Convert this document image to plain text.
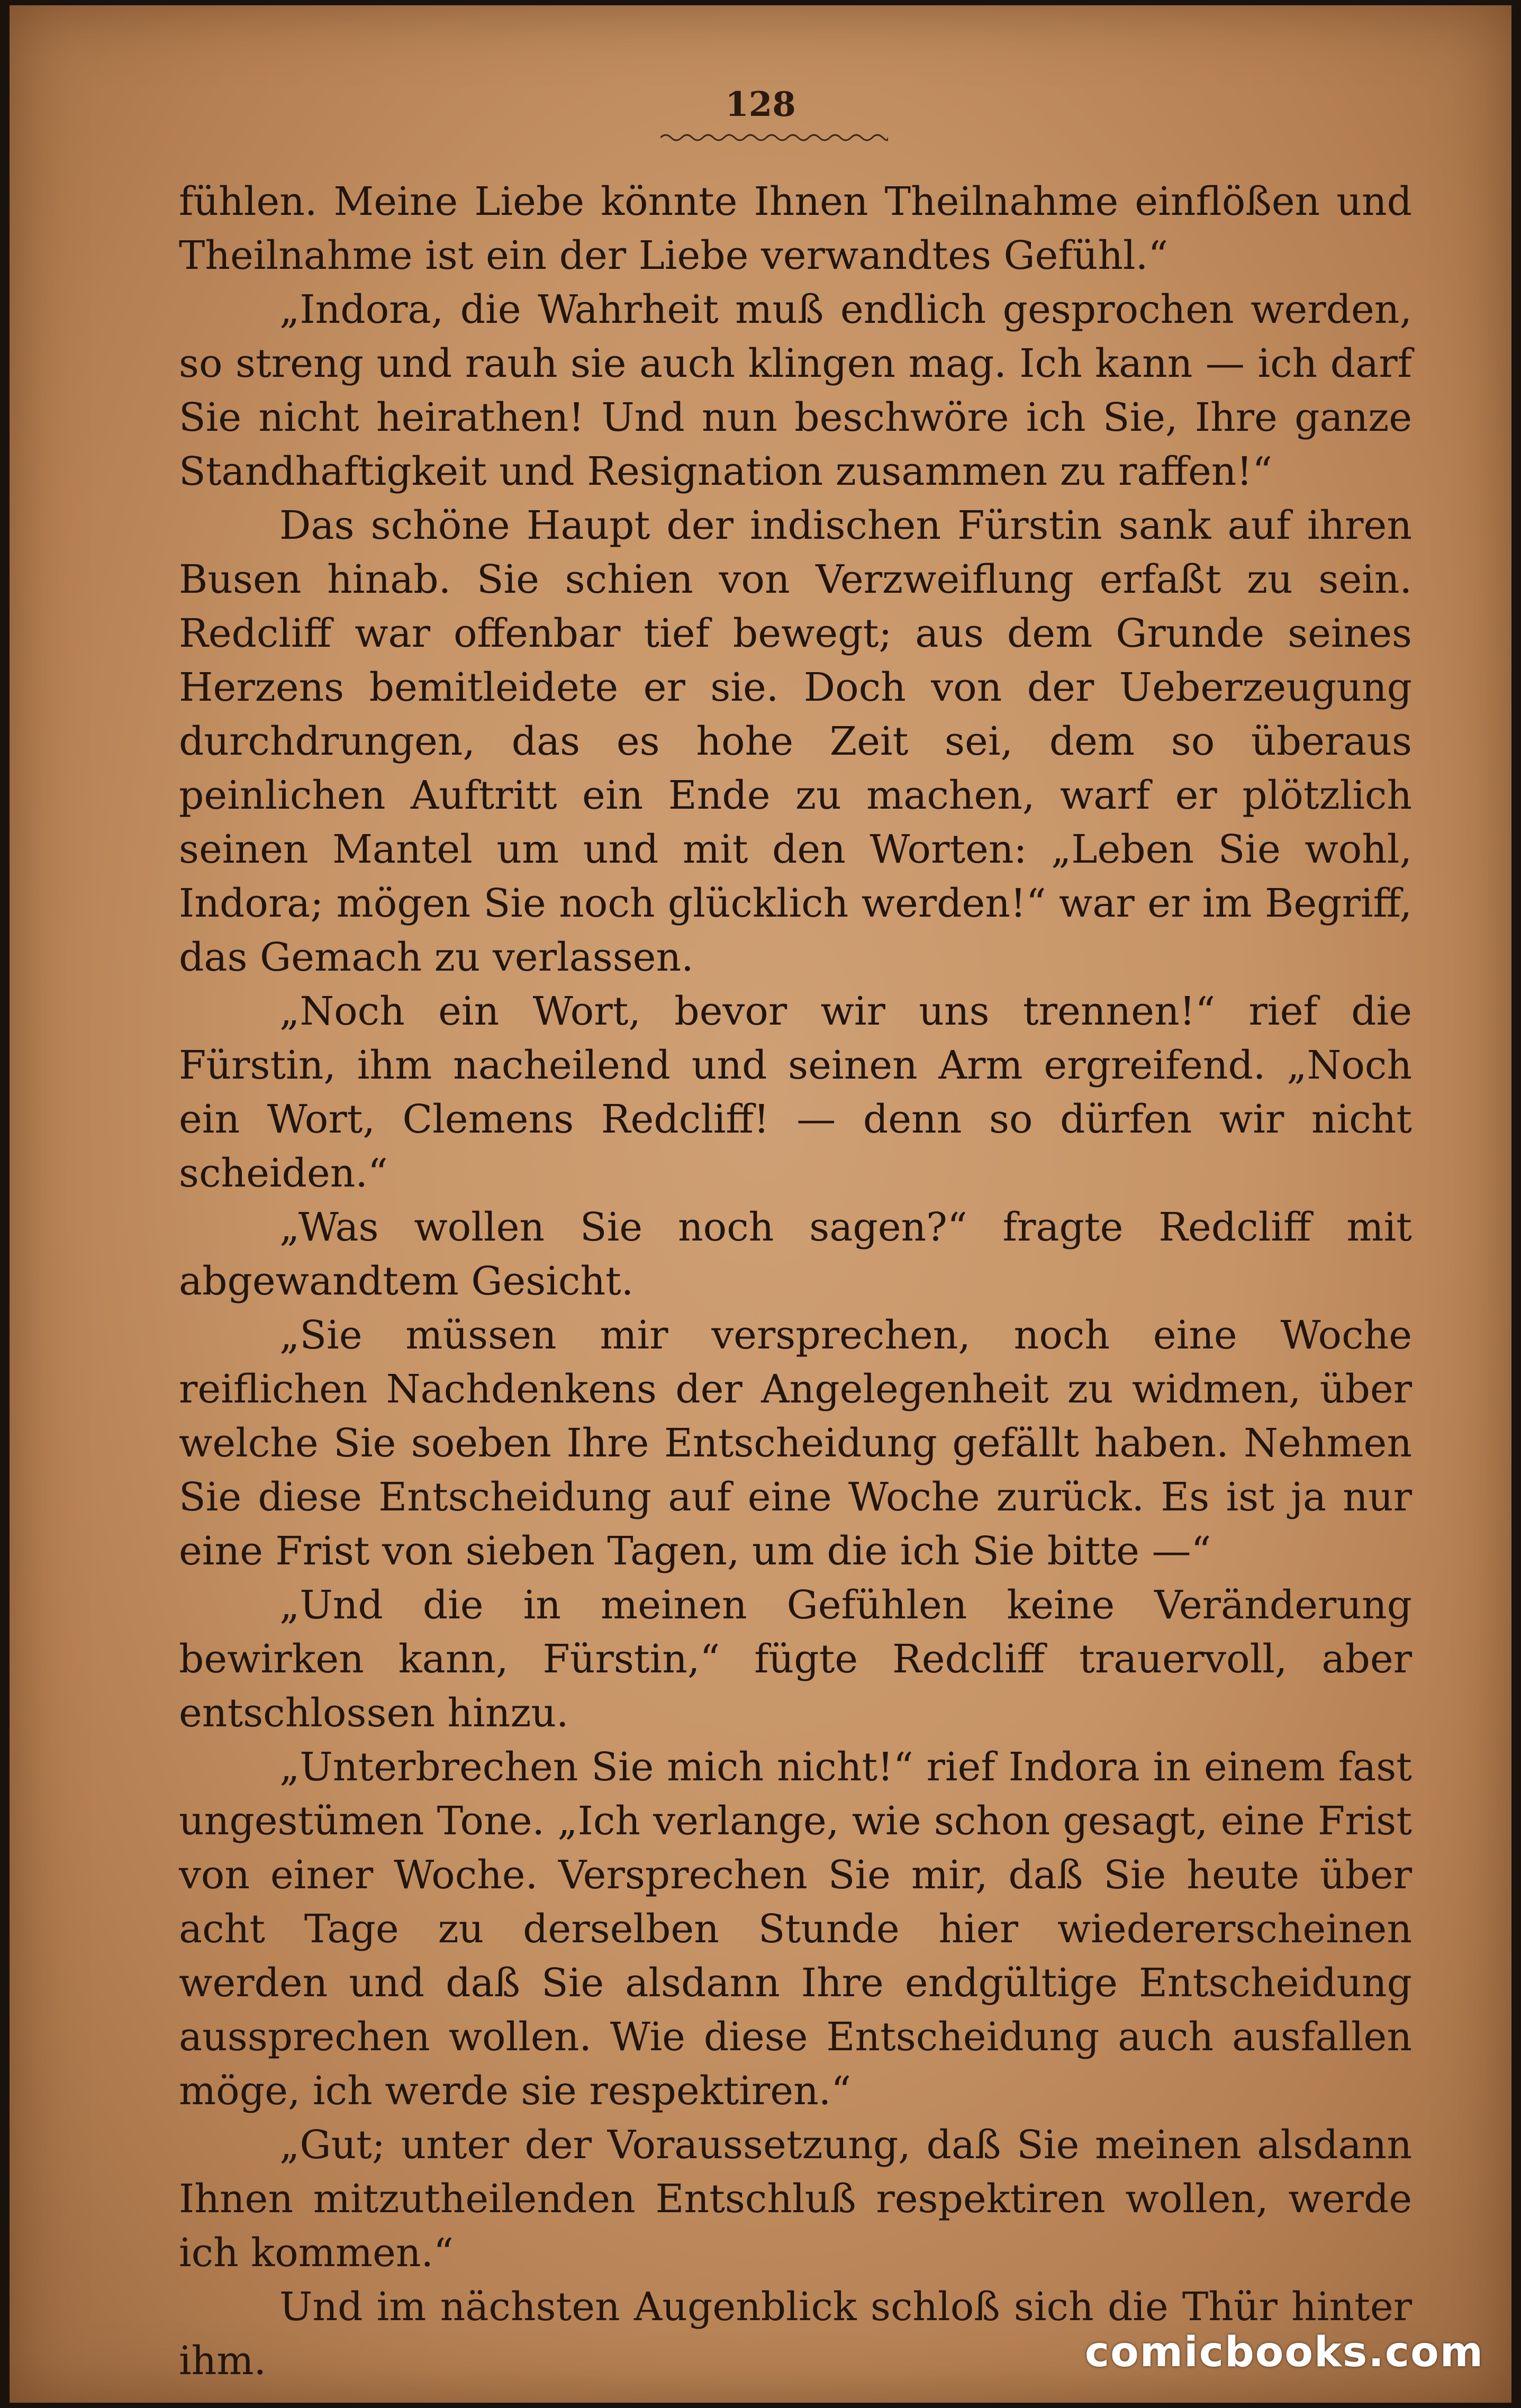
128

fühlen. Meine Liebe könnte Ihnen Theilnahme einflößen und Theilnahme ist ein der Liebe verwandtes Gefühl.“

„Indora, die Wahrheit muß endlich gesprochen werden, so streng und rauh sie auch klingen mag. Ich kann — ich darf Sie nicht heirathen! Und nun beschwöre ich Sie, Ihre ganze Standhaftigkeit und Resignation zusammen zu raffen!“

Das schöne Haupt der indischen Fürstin sank auf ihren Busen hinab. Sie schien von Verzweiflung erfaßt zu sein. Redcliff war offenbar tief bewegt; aus dem Grunde seines Herzens bemitleidete er sie. Doch von der Ueberzeugung durchdrungen, das es hohe Zeit sei, dem so überaus peinlichen Auftritt ein Ende zu machen, warf er plötzlich seinen Mantel um und mit den Worten: „Leben Sie wohl, Indora; mögen Sie noch glücklich werden!“ war er im Begriff, das Gemach zu verlassen.

„Noch ein Wort, bevor wir uns trennen!“ rief die Fürstin, ihm nacheilend und seinen Arm ergreifend. „Noch ein Wort, Clemens Redcliff! — denn so dürfen wir nicht scheiden.“

„Was wollen Sie noch sagen?“ fragte Redcliff mit abgewandtem Gesicht.

„Sie müssen mir versprechen, noch eine Woche reiflichen Nachdenkens der Angelegenheit zu widmen, über welche Sie soeben Ihre Entscheidung gefällt haben. Nehmen Sie diese Entscheidung auf eine Woche zurück. Es ist ja nur eine Frist von sieben Tagen, um die ich Sie bitte —“

„Und die in meinen Gefühlen keine Veränderung bewirken kann, Fürstin,“ fügte Redcliff trauervoll, aber entschlossen hinzu.

„Unterbrechen Sie mich nicht!“ rief Indora in einem fast ungestümen Tone. „Ich verlange, wie schon gesagt, eine Frist von einer Woche. Versprechen Sie mir, daß Sie heute über acht Tage zu derselben Stunde hier wiedererscheinen werden und daß Sie alsdann Ihre endgültige Entscheidung aussprechen wollen. Wie diese Entscheidung auch ausfallen möge, ich werde sie respektiren.“

„Gut; unter der Voraussetzung, daß Sie meinen alsdann Ihnen mitzutheilenden Entschluß respektiren wollen, werde ich kommen.“

Und im nächsten Augenblick schloß sich die Thür hinter ihm.	comicbooks.com
